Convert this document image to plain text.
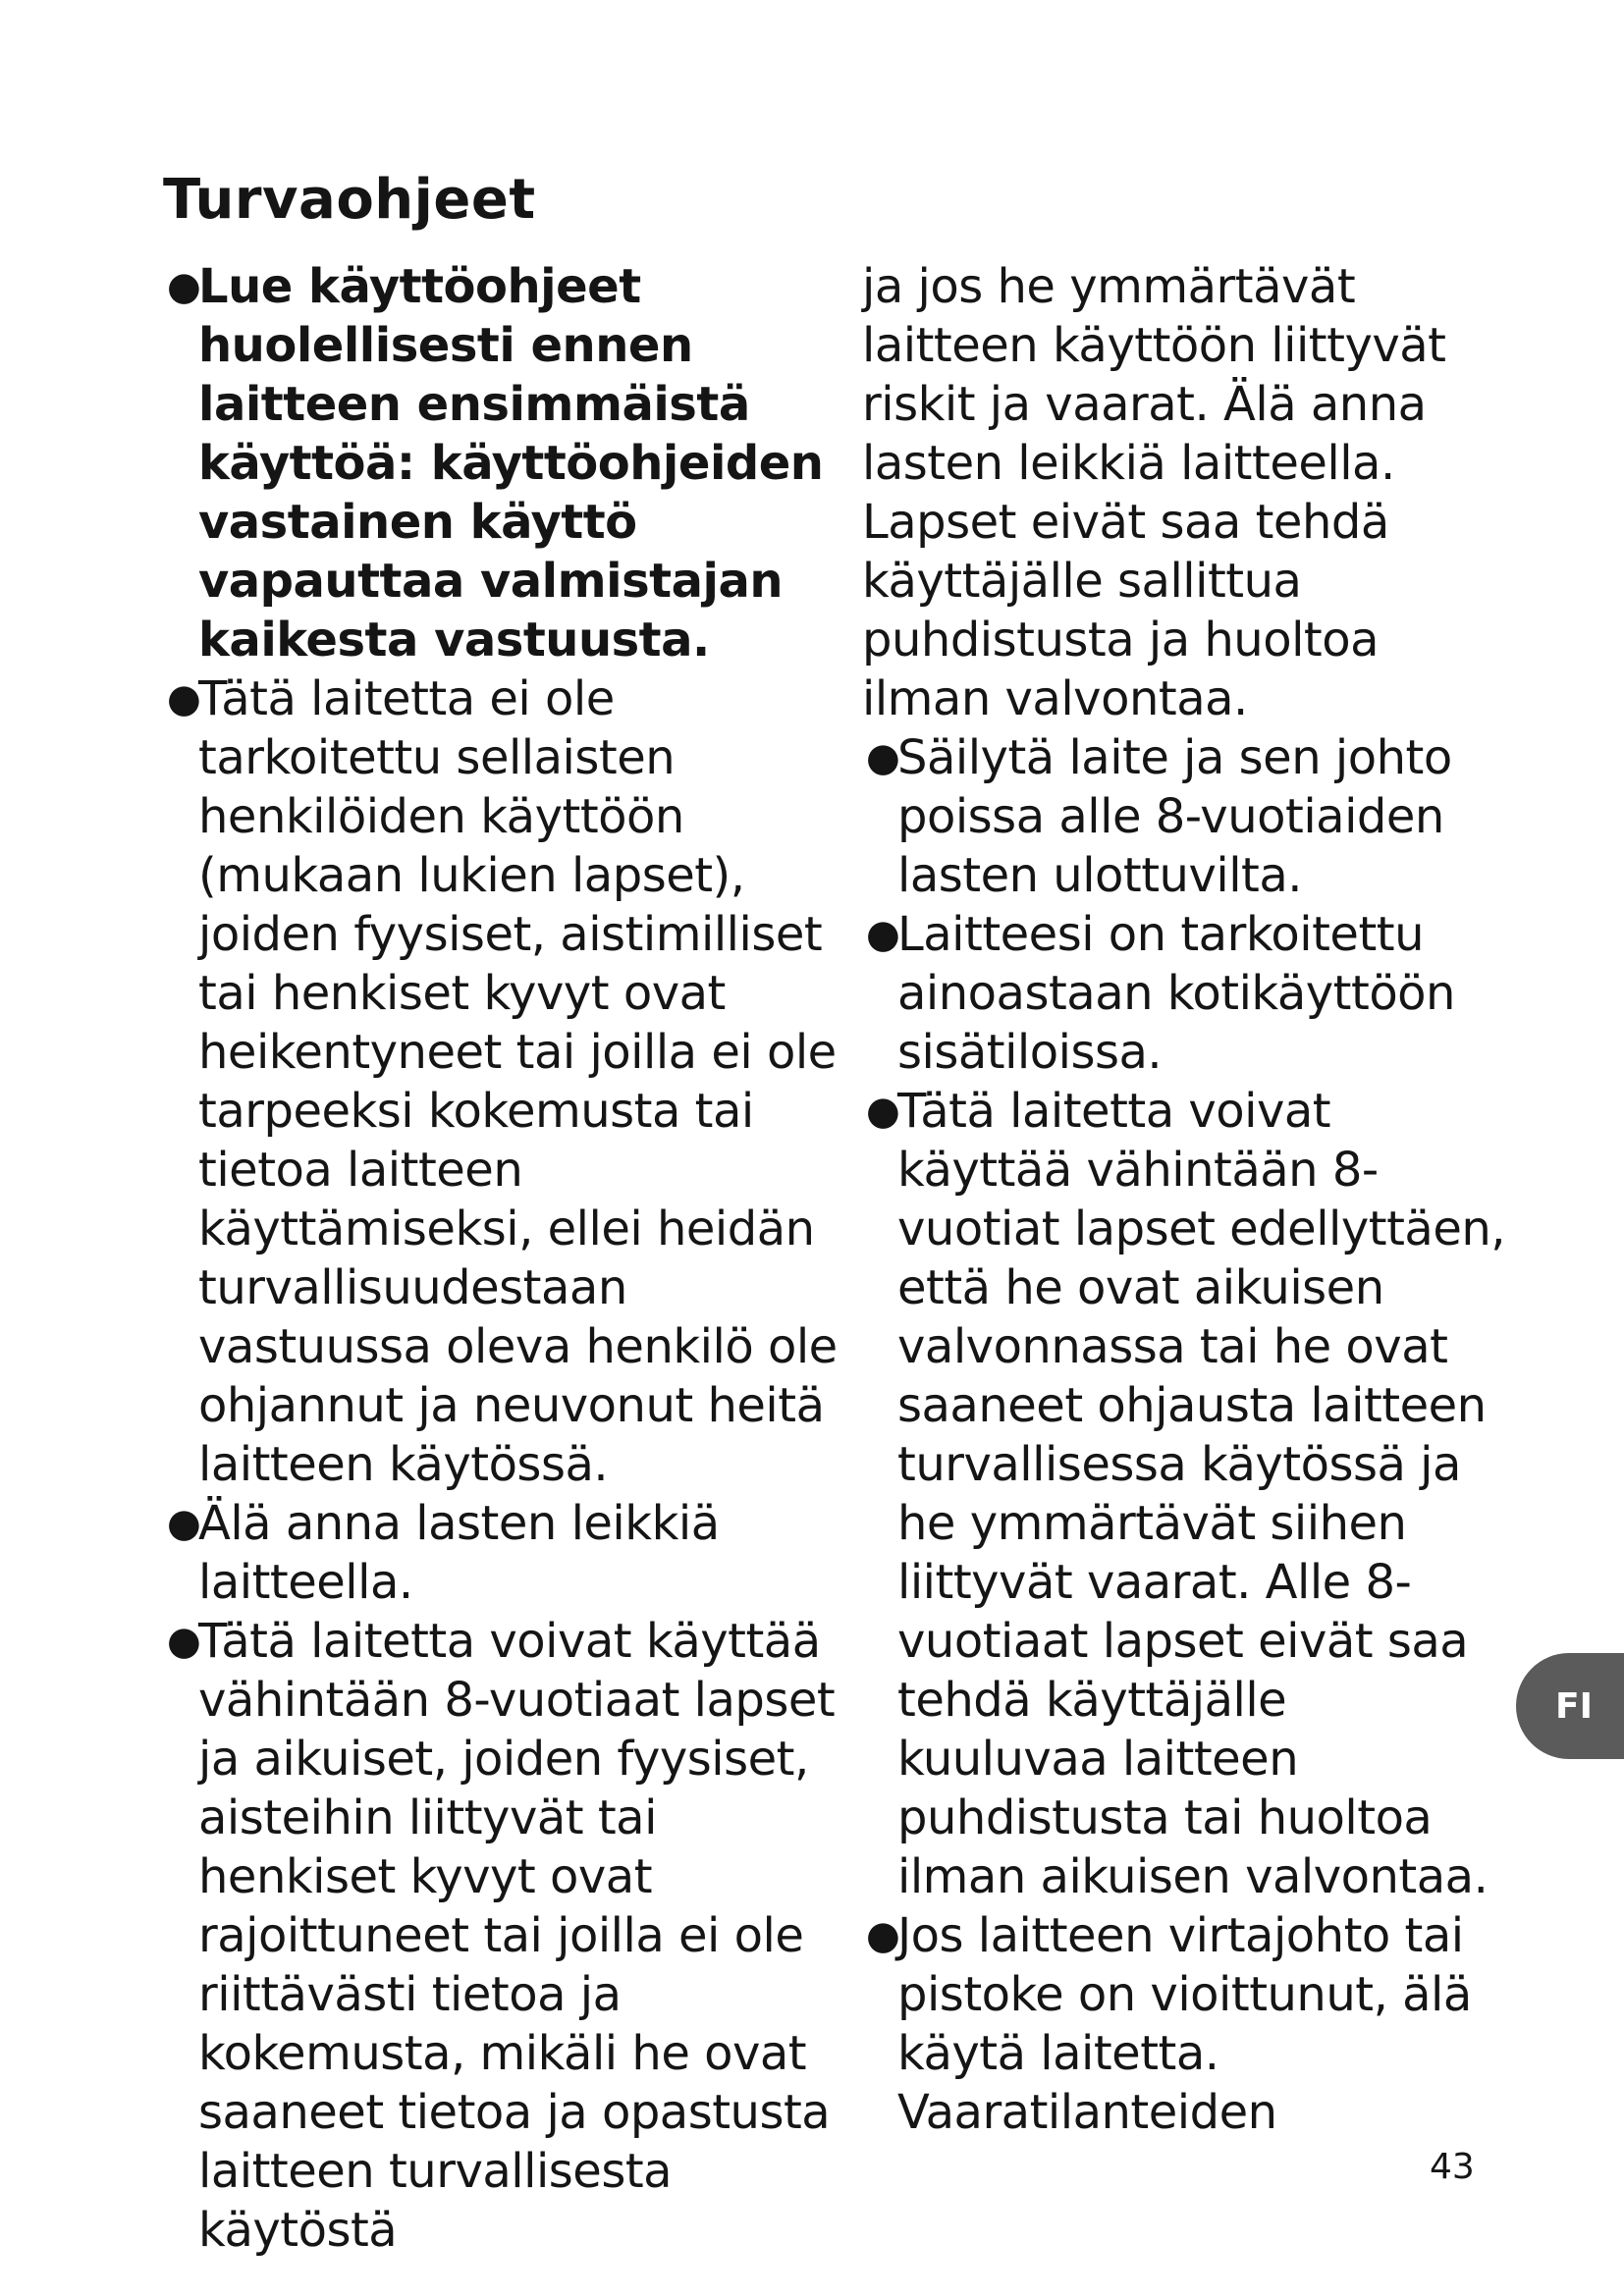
Turvaohjeet

●
Lue käyttöohjeet huolellisesti ennen laitteen ensimmäistä käyttöä: käyttöohjeiden vastainen käyttö vapauttaa valmistajan kaikesta vastuusta.

●
Tätä laitetta ei ole tarkoitettu sellaisten henkilöiden käyttöön (mukaan lukien lapset), joiden fyysiset, aistimilliset tai henkiset kyvyt ovat heikentyneet tai joilla ei ole tarpeeksi kokemusta tai tietoa laitteen käyttämiseksi, ellei heidän turvallisuudestaan vastuussa oleva henkilö ole ohjannut ja neuvonut heitä laitteen käytössä.

●
Älä anna lasten leikkiä laitteella.

●
Tätä laitetta voivat käyttää vähintään 8-vuotiaat lapset ja aikuiset, joiden fyysiset, aisteihin liittyvät tai henkiset kyvyt ovat rajoittuneet tai joilla ei ole riittävästi tietoa ja kokemusta, mikäli he ovat saaneet tietoa ja opastusta laitteen turvallisesta käytöstä

ja jos he ymmärtävät laitteen käyttöön liittyvät riskit ja vaarat. Älä anna lasten leikkiä laitteella. Lapset eivät saa tehdä käyttäjälle sallittua puhdistusta ja huoltoa ilman valvontaa.

●
Säilytä laite ja sen johto poissa alle 8-vuotiaiden lasten ulottuvilta.

●
Laitteesi on tarkoitettu ainoastaan kotikäyttöön sisätiloissa.

●
Tätä laitetta voivat käyttää vähintään 8-vuotiat lapset edellyttäen, että he ovat aikuisen valvonnassa tai he ovat saaneet ohjausta laitteen turvallisessa käytössä ja he ymmärtävät siihen liittyvät vaarat. Alle 8-vuotiaat lapset eivät saa tehdä käyttäjälle kuuluvaa laitteen puhdistusta tai huoltoa ilman aikuisen valvontaa.

●
Jos laitteen virtajohto tai pistoke on vioittunut, älä käytä laitetta. Vaaratilanteiden

FI
43
